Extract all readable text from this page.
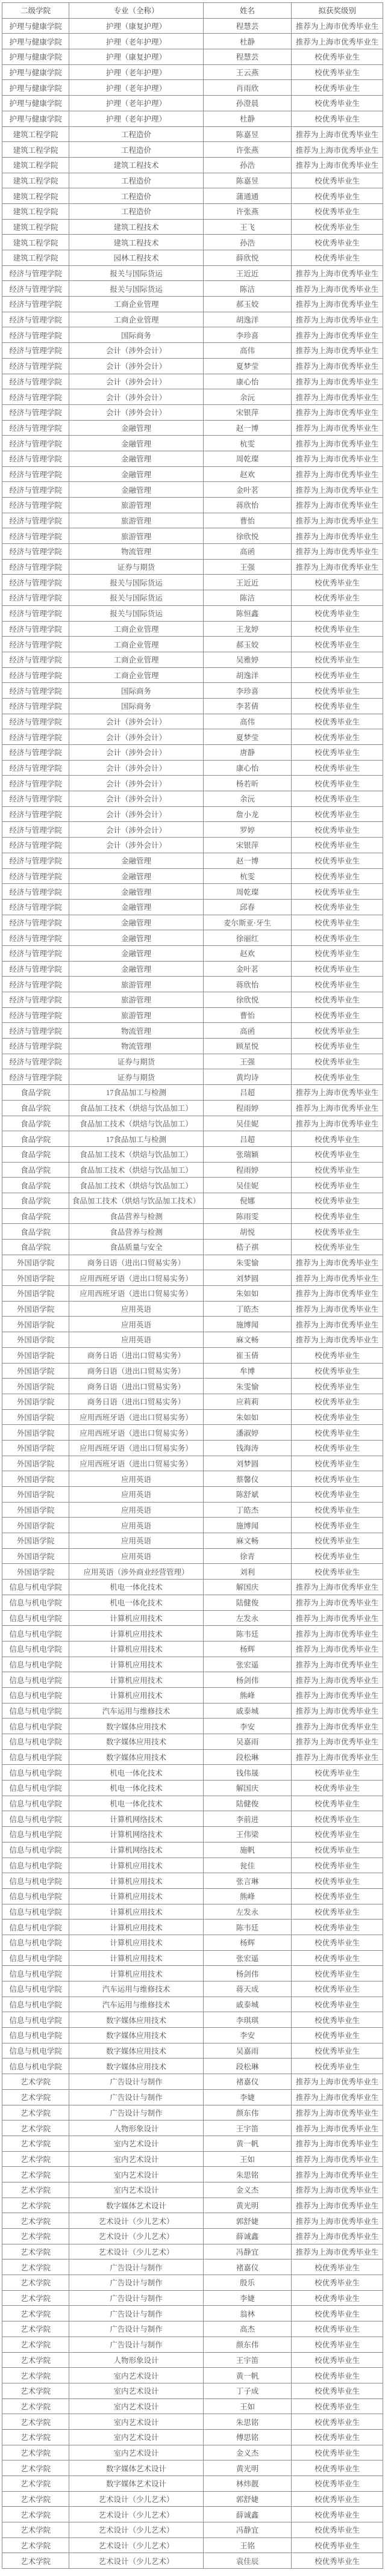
二级学院	专业（全称）	姓名	拟获奖级别
护理与健康学院	护理（康复护理）	程慧芸	推荐为上海市优秀毕业生
护理与健康学院	护理（老年护理）	杜静	推荐为上海市优秀毕业生
护理与健康学院	护理（康复护理）	程慧芸	校优秀毕业生
护理与健康学院	护理（老年护理）	王云燕	校优秀毕业生
护理与健康学院	护理（老年护理）	肖雨欣	校优秀毕业生
护理与健康学院	护理（老年护理）	孙澄晨	校优秀毕业生
护理与健康学院	护理（老年护理）	杜静	校优秀毕业生
建筑工程学院	工程造价	陈嘉昱	推荐为上海市优秀毕业生
建筑工程学院	工程造价	许张燕	推荐为上海市优秀毕业生
建筑工程学院	建筑工程技术	孙浩	推荐为上海市优秀毕业生
建筑工程学院	工程造价	陈嘉昱	校优秀毕业生
建筑工程学院	工程造价	蒲通通	校优秀毕业生
建筑工程学院	工程造价	许张燕	校优秀毕业生
建筑工程学院	建筑工程技术	王飞	校优秀毕业生
建筑工程学院	建筑工程技术	孙浩	校优秀毕业生
建筑工程学院	园林工程技术	薛欣悦	校优秀毕业生
经济与管理学院	报关与国际货运	王近近	推荐为上海市优秀毕业生
经济与管理学院	报关与国际货运	陈洁	推荐为上海市优秀毕业生
经济与管理学院	工商企业管理	郝玉姣	推荐为上海市优秀毕业生
经济与管理学院	工商企业管理	胡逸洋	推荐为上海市优秀毕业生
经济与管理学院	国际商务	李珍喜	推荐为上海市优秀毕业生
经济与管理学院	会计（涉外会计）	高伟	推荐为上海市优秀毕业生
经济与管理学院	会计（涉外会计）	夏梦莹	推荐为上海市优秀毕业生
经济与管理学院	会计（涉外会计）	康心怡	推荐为上海市优秀毕业生
经济与管理学院	会计（涉外会计）	余沅	推荐为上海市优秀毕业生
经济与管理学院	会计（涉外会计）	宋银萍	推荐为上海市优秀毕业生
经济与管理学院	金融管理	赵一博	推荐为上海市优秀毕业生
经济与管理学院	金融管理	杭雯	推荐为上海市优秀毕业生
经济与管理学院	金融管理	周乾璨	推荐为上海市优秀毕业生
经济与管理学院	金融管理	赵欢	推荐为上海市优秀毕业生
经济与管理学院	金融管理	金叶茗	推荐为上海市优秀毕业生
经济与管理学院	旅游管理	蒋欣怡	推荐为上海市优秀毕业生
经济与管理学院	旅游管理	曹怡	推荐为上海市优秀毕业生
经济与管理学院	旅游管理	徐欣悦	推荐为上海市优秀毕业生
经济与管理学院	物流管理	高函	推荐为上海市优秀毕业生
经济与管理学院	证券与期货	王强	推荐为上海市优秀毕业生
经济与管理学院	报关与国际货运	王近近	校优秀毕业生
经济与管理学院	报关与国际货运	陈洁	校优秀毕业生
经济与管理学院	报关与国际货运	陈恒鑫	校优秀毕业生
经济与管理学院	工商企业管理	王龙婷	校优秀毕业生
经济与管理学院	工商企业管理	郝玉姣	校优秀毕业生
经济与管理学院	工商企业管理	吴雅婷	校优秀毕业生
经济与管理学院	工商企业管理	胡逸洋	校优秀毕业生
经济与管理学院	国际商务	李珍喜	校优秀毕业生
经济与管理学院	国际商务	李茗倩	校优秀毕业生
经济与管理学院	会计（涉外会计）	高伟	校优秀毕业生
经济与管理学院	会计（涉外会计）	夏梦莹	校优秀毕业生
经济与管理学院	会计（涉外会计）	唐静	校优秀毕业生
经济与管理学院	会计（涉外会计）	康心怡	校优秀毕业生
经济与管理学院	会计（涉外会计）	杨若昕	校优秀毕业生
经济与管理学院	会计（涉外会计）	余沅	校优秀毕业生
经济与管理学院	会计（涉外会计）	詹小龙	校优秀毕业生
经济与管理学院	会计（涉外会计）	罗婷	校优秀毕业生
经济与管理学院	会计（涉外会计）	宋银萍	校优秀毕业生
经济与管理学院	金融管理	赵一博	校优秀毕业生
经济与管理学院	金融管理	杭雯	校优秀毕业生
经济与管理学院	金融管理	周乾璨	校优秀毕业生
经济与管理学院	金融管理	邱春	校优秀毕业生
经济与管理学院	金融管理	麦尔斯亚·牙生	校优秀毕业生
经济与管理学院	金融管理	徐丽红	校优秀毕业生
经济与管理学院	金融管理	赵欢	校优秀毕业生
经济与管理学院	金融管理	金叶茗	校优秀毕业生
经济与管理学院	旅游管理	蒋欣怡	校优秀毕业生
经济与管理学院	旅游管理	徐欣悦	校优秀毕业生
经济与管理学院	旅游管理	曹怡	校优秀毕业生
经济与管理学院	物流管理	高函	校优秀毕业生
经济与管理学院	物流管理	顾星悦	校优秀毕业生
经济与管理学院	证券与期货	王强	校优秀毕业生
经济与管理学院	证券与期货	黄均诗	校优秀毕业生
食品学院	17食品加工与检测	吕超	推荐为上海市优秀毕业生
食品学院	食品加工技术（烘焙与饮品加工）	程雨婷	推荐为上海市优秀毕业生
食品学院	食品加工技术（烘焙与饮品加工）	吴佳妮	推荐为上海市优秀毕业生
食品学院	17食品加工与检测	吕超	校优秀毕业生
食品学院	食品加工技术（烘焙与饮品加工）	张瑞颖	校优秀毕业生
食品学院	食品加工技术（烘焙与饮品加工）	程雨婷	校优秀毕业生
食品学院	食品加工技术（烘焙与饮品加工）	吴佳妮	校优秀毕业生
食品学院	食品加工技术（烘焙与饮品加工技术）	倪娜	校优秀毕业生
食品学院	食品营养与检测	陈雨雯	校优秀毕业生
食品学院	食品营养与检测	胡悦	校优秀毕业生
食品学院	食品质量与安全	嵇子祺	校优秀毕业生
外国语学院	商务日语（进出口贸易实务）	朱雯愉	推荐为上海市优秀毕业生
外国语学院	应用西班牙语（进出口贸易实务）	刘梦圆	推荐为上海市优秀毕业生
外国语学院	应用西班牙语（进出口贸易实务）	朱如如	推荐为上海市优秀毕业生
外国语学院	应用英语	丁皓杰	推荐为上海市优秀毕业生
外国语学院	应用英语	施博闻	推荐为上海市优秀毕业生
外国语学院	应用英语	麻文畅	推荐为上海市优秀毕业生
外国语学院	商务日语（进出口贸易实务）	崔玉倩	校优秀毕业生
外国语学院	商务日语（进出口贸易实务）	牟博	校优秀毕业生
外国语学院	商务日语（进出口贸易实务）	朱雯愉	校优秀毕业生
外国语学院	商务日语（进出口贸易实务）	应莉莉	校优秀毕业生
外国语学院	应用西班牙语（进出口贸易实务）	朱如如	校优秀毕业生
外国语学院	应用西班牙语（进出口贸易实务）	潘淑婷	校优秀毕业生
外国语学院	应用西班牙语（进出口贸易实务）	钱海涛	校优秀毕业生
外国语学院	应用西班牙语（进出口贸易实务）	刘梦圆	校优秀毕业生
外国语学院	应用英语	蔡馨仪	校优秀毕业生
外国语学院	应用英语	陈舒斌	校优秀毕业生
外国语学院	应用英语	丁皓杰	校优秀毕业生
外国语学院	应用英语	施博闻	校优秀毕业生
外国语学院	应用英语	麻文畅	校优秀毕业生
外国语学院	应用英语	徐青	校优秀毕业生
外国语学院	应用英语（涉外商业经营管理）	刘利	校优秀毕业生
信息与机电学院	机电一体化技术	解国庆	推荐为上海市优秀毕业生
信息与机电学院	机电一体化技术	陆健俊	推荐为上海市优秀毕业生
信息与机电学院	计算机应用技术	左发永	推荐为上海市优秀毕业生
信息与机电学院	计算机应用技术	陈韦廷	推荐为上海市优秀毕业生
信息与机电学院	计算机应用技术	杨辉	推荐为上海市优秀毕业生
信息与机电学院	计算机应用技术	张宏遥	推荐为上海市优秀毕业生
信息与机电学院	计算机应用技术	杨剑伟	推荐为上海市优秀毕业生
信息与机电学院	计算机应用技术	熊峰	推荐为上海市优秀毕业生
信息与机电学院	汽车运用与维修技术	戚泰城	推荐为上海市优秀毕业生
信息与机电学院	数字媒体应用技术	李安	推荐为上海市优秀毕业生
信息与机电学院	数字媒体应用技术	吴嘉雨	推荐为上海市优秀毕业生
信息与机电学院	数字媒体应用技术	段松琳	推荐为上海市优秀毕业生
信息与机电学院	机电一体化技术	钱伟晟	校优秀毕业生
信息与机电学院	机电一体化技术	解国庆	校优秀毕业生
信息与机电学院	机电一体化技术	陆健俊	校优秀毕业生
信息与机电学院	计算机网络技术	李前进	校优秀毕业生
信息与机电学院	计算机网络技术	王伟梁	校优秀毕业生
信息与机电学院	计算机网络技术	施帆	校优秀毕业生
信息与机电学院	计算机应用技术	瓮佳	校优秀毕业生
信息与机电学院	计算机应用技术	张言琳	校优秀毕业生
信息与机电学院	计算机应用技术	熊峰	校优秀毕业生
信息与机电学院	计算机应用技术	左发永	校优秀毕业生
信息与机电学院	计算机应用技术	陈韦廷	校优秀毕业生
信息与机电学院	计算机应用技术	杨辉	校优秀毕业生
信息与机电学院	计算机应用技术	张宏遥	校优秀毕业生
信息与机电学院	计算机应用技术	杨剑伟	校优秀毕业生
信息与机电学院	汽车运用与维修技术	蒋天成	校优秀毕业生
信息与机电学院	汽车运用与维修技术	戚泰城	校优秀毕业生
信息与机电学院	数字媒体应用技术	李琪琪	校优秀毕业生
信息与机电学院	数字媒体应用技术	李安	校优秀毕业生
信息与机电学院	数字媒体应用技术	吴嘉雨	校优秀毕业生
信息与机电学院	数字媒体应用技术	段松琳	校优秀毕业生
艺术学院	广告设计与制作	褚嘉仪	推荐为上海市优秀毕业生
艺术学院	广告设计与制作	李婕	推荐为上海市优秀毕业生
艺术学院	广告设计与制作	颜东伟	推荐为上海市优秀毕业生
艺术学院	人物形象设计	王宇笛	推荐为上海市优秀毕业生
艺术学院	室内艺术设计	黄一帆	推荐为上海市优秀毕业生
艺术学院	室内艺术设计	王如	推荐为上海市优秀毕业生
艺术学院	室内艺术设计	朱思铭	推荐为上海市优秀毕业生
艺术学院	室内艺术设计	金义杰	推荐为上海市优秀毕业生
艺术学院	数字媒体艺术设计	黄光明	推荐为上海市优秀毕业生
艺术学院	艺术设计（少儿艺术）	郭舒婕	推荐为上海市优秀毕业生
艺术学院	艺术设计（少儿艺术）	薛诚鑫	推荐为上海市优秀毕业生
艺术学院	艺术设计（少儿艺术）	冯静宜	推荐为上海市优秀毕业生
艺术学院	广告设计与制作	褚嘉仪	校优秀毕业生
艺术学院	广告设计与制作	殷乐	校优秀毕业生
艺术学院	广告设计与制作	李婕	校优秀毕业生
艺术学院	广告设计与制作	翁林	校优秀毕业生
艺术学院	广告设计与制作	高杰	校优秀毕业生
艺术学院	广告设计与制作	颜东伟	校优秀毕业生
艺术学院	人物形象设计	王宇笛	校优秀毕业生
艺术学院	室内艺术设计	黄一帆	校优秀毕业生
艺术学院	室内艺术设计	丁子成	校优秀毕业生
艺术学院	室内艺术设计	王如	校优秀毕业生
艺术学院	室内艺术设计	朱思铭	校优秀毕业生
艺术学院	室内艺术设计	傅思铭	校优秀毕业生
艺术学院	室内艺术设计	金义杰	校优秀毕业生
艺术学院	数字媒体艺术设计	黄光明	校优秀毕业生
艺术学院	数字媒体艺术设计	林炜靓	校优秀毕业生
艺术学院	艺术设计（少儿艺术）	郭舒婕	校优秀毕业生
艺术学院	艺术设计（少儿艺术）	薛诚鑫	校优秀毕业生
艺术学院	艺术设计（少儿艺术）	冯静宜	校优秀毕业生
艺术学院	艺术设计（少儿艺术）	王铭	校优秀毕业生
艺术学院	艺术设计（少儿艺术）	袁佳辰	校优秀毕业生
